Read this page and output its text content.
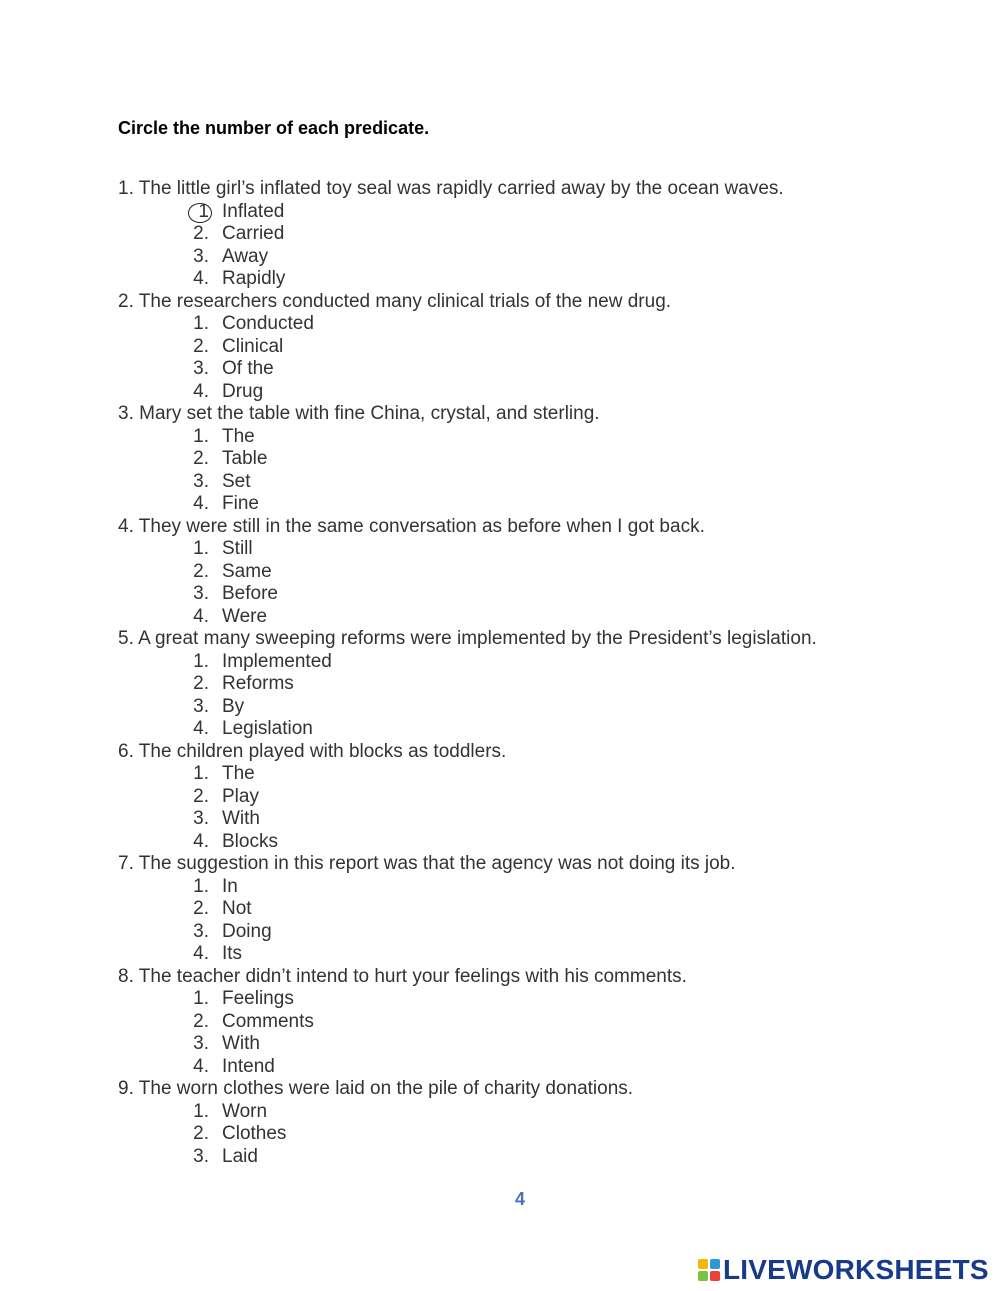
Circle the number of each predicate.
1. The little girl’s inflated toy seal was rapidly carried away by the ocean waves.
1 Inflated
2. Carried
3. Away
4. Rapidly
2. The researchers conducted many clinical trials of the new drug.
1. Conducted
2. Clinical
3. Of the
4. Drug
3. Mary set the table with fine China, crystal, and sterling.
1. The
2. Table
3. Set
4. Fine
4. They were still in the same conversation as before when I got back.
1. Still
2. Same
3. Before
4. Were
5. A great many sweeping reforms were implemented by the President’s legislation.
1. Implemented
2. Reforms
3. By
4. Legislation
6. The children played with blocks as toddlers.
1. The
2. Play
3. With
4. Blocks
7. The suggestion in this report was that the agency was not doing its job.
1. In
2. Not
3. Doing
4. Its
8. The teacher didn’t intend to hurt your feelings with his comments.
1. Feelings
2. Comments
3. With
4. Intend
9. The worn clothes were laid on the pile of charity donations.
1. Worn
2. Clothes
3. Laid
4
LIVEWORKSHEETS
